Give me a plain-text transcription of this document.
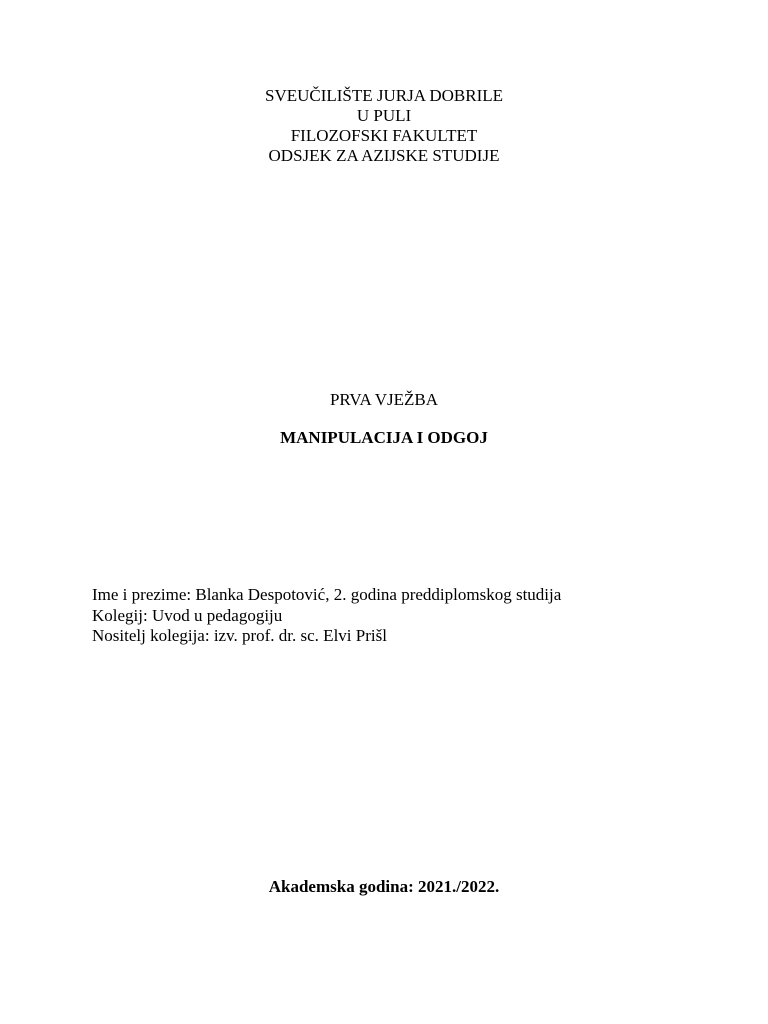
SVEUČILIŠTE JURJA DOBRILE
U PULI
FILOZOFSKI FAKULTET
ODSJEK ZA AZIJSKE STUDIJE
PRVA VJEŽBA
MANIPULACIJA I ODGOJ
Ime i prezime: Blanka Despotović, 2. godina preddiplomskog studija
Kolegij: Uvod u pedagogiju
Nositelj kolegija: izv. prof. dr. sc. Elvi Prišl
Akademska godina: 2021./2022.
